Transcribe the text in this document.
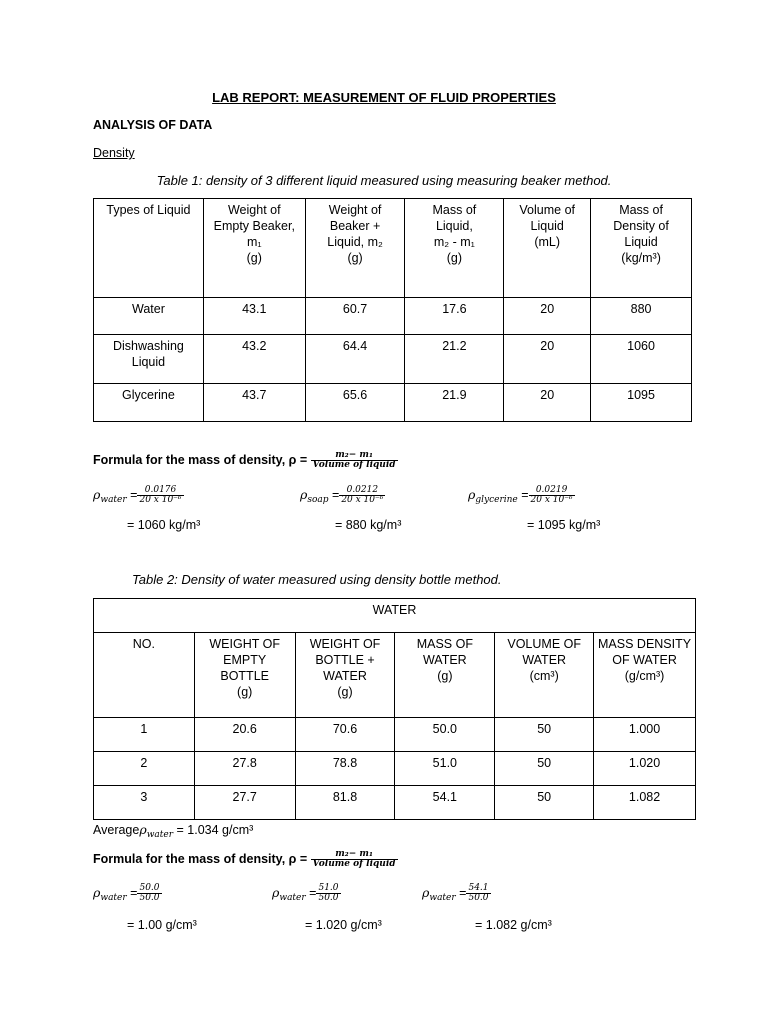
LAB REPORT: MEASUREMENT OF FLUID PROPERTIES
ANALYSIS OF DATA
Density
Table 1: density of 3 different liquid measured using measuring beaker method.
Types of Liquid	Weight of
Empty Beaker,
m₁
(g)	Weight of
Beaker +
Liquid, m₂
(g)	Mass of
Liquid,
m₂ - m₁
(g)	Volume of
Liquid
(mL)	Mass of
Density of
Liquid
(kg/m³)
Water	43.1	60.7	17.6	20	880
Dishwashing
Liquid	43.2	64.4	21.2	20	1060
Glycerine	43.7	65.6	21.9	20	1095
Formula for the mass of density, $\rho = \frac{\text{m₂− m₁}}{\text{Volume of liquid}}$
$\rho_{water} = \frac{0.0176}{\text{20 x 10⁻⁶}}$	$\rho_{soap} = \frac{0.0212}{\text{20 x 10⁻⁶}}$	$\rho_{glycerine} = \frac{0.0219}{\text{20 x 10⁻⁶}}$
= 1060 kg/m³	= 880 kg/m³	= 1095 kg/m³
Table 2: Density of water measured using density bottle method.
WATER					
NO.	WEIGHT OF
EMPTY
BOTTLE
(g)	WEIGHT OF
BOTTLE +
WATER
(g)	MASS OF
WATER
(g)	VOLUME OF
WATER
(cm³)	MASS DENSITY
OF WATER
(g/cm³)
1	20.6	70.6	50.0	50	1.000
2	27.8	78.8	51.0	50	1.020
3	27.7	81.8	54.1	50	1.082
Averageρ$_{water}$ = 1.034 g/cm³
Formula for the mass of density, $\rho = \frac{\text{m₂− m₁}}{\text{Volume of liquid}}$
$\rho_{water} = \frac{50.0}{50.0}$	$\rho_{water} = \frac{51.0}{50.0}$	$\rho_{water} = \frac{54.1}{50.0}$
= 1.00 g/cm³	= 1.020 g/cm³	= 1.082 g/cm³
